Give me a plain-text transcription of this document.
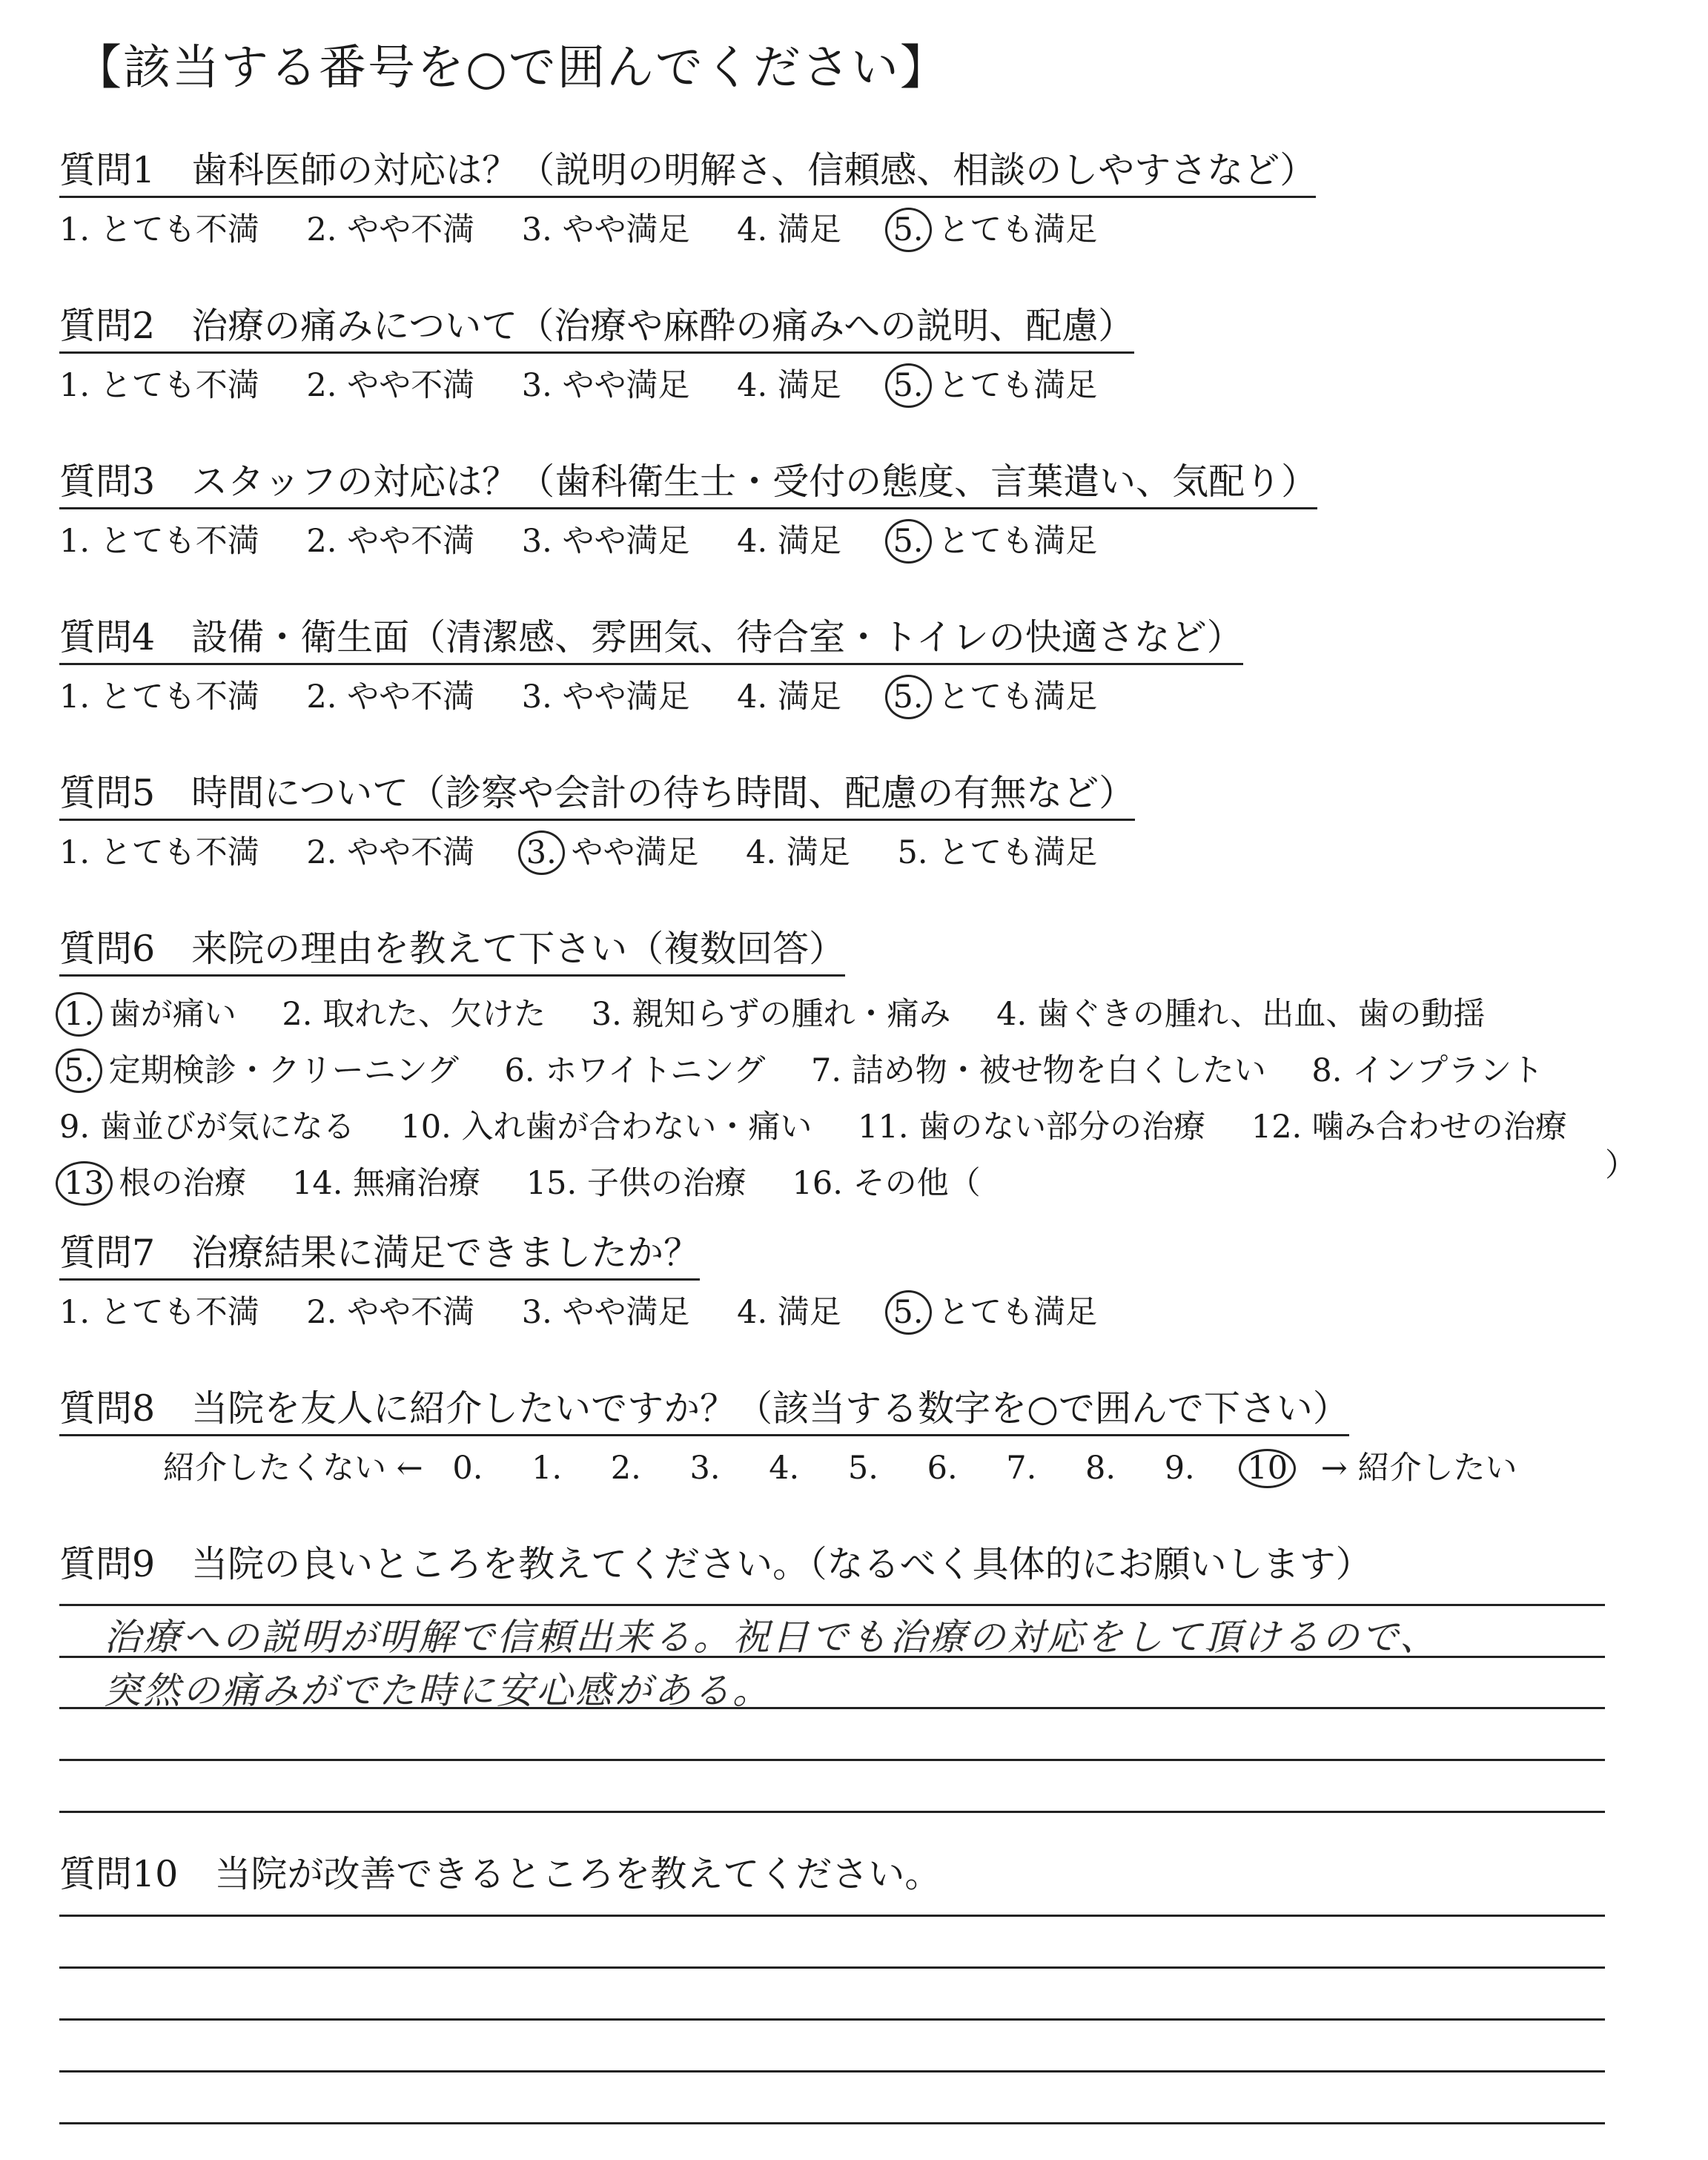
【該当する番号を○で囲んでください】
質問1　歯科医師の対応は？（説明の明解さ、信頼感、相談のしやすさなど）
1. とても不満 2. やや不満 3. やや満足 4. 満足 5. とても満足
質問2　治療の痛みについて（治療や麻酔の痛みへの説明、配慮）
1. とても不満 2. やや不満 3. やや満足 4. 満足 5. とても満足
質問3　スタッフの対応は？（歯科衛生士・受付の態度、言葉遣い、気配り）
1. とても不満 2. やや不満 3. やや満足 4. 満足 5. とても満足
質問4　設備・衛生面（清潔感、雰囲気、待合室・トイレの快適さなど）
1. とても不満 2. やや不満 3. やや満足 4. 満足 5. とても満足
質問5　時間について（診察や会計の待ち時間、配慮の有無など）
1. とても不満 2. やや不満 3. やや満足 4. 満足 5. とても満足
質問6　来院の理由を教えて下さい（複数回答）
1. 歯が痛い 2. 取れた、欠けた 3. 親知らずの腫れ・痛み 4. 歯ぐきの腫れ、出血、歯の動揺
5. 定期検診・クリーニング 6. ホワイトニング 7. 詰め物・被せ物を白くしたい 8. インプラント
9. 歯並びが気になる 10. 入れ歯が合わない・痛い 11. 歯のない部分の治療 12. 噛み合わせの治療
13 根の治療 14. 無痛治療 15. 子供の治療 16. その他（	）
質問7　治療結果に満足できましたか？
1. とても不満 2. やや不満 3. やや満足 4. 満足 5. とても満足
質問8　当院を友人に紹介したいですか？（該当する数字を○で囲んで下さい）
紹介したくない ← 0. 1. 2. 3. 4. 5. 6. 7. 8. 9. 10 → 紹介したい
質問9　当院の良いところを教えてください。（なるべく具体的にお願いします）
治療への説明が明解で信頼出来る。祝日でも治療の対応をして頂けるので、
突然の痛みがでた時に安心感がある。
質問10　当院が改善できるところを教えてください。
